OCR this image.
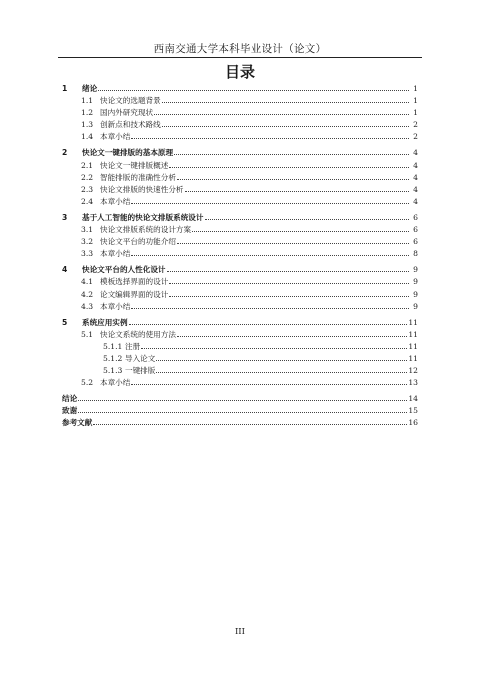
西南交通大学本科毕业设计（论文）
目录
1	绪论	1
1.1 快论文的选题背景	1
1.2 国内外研究现状	1
1.3 创新点和技术路线	2
1.4 本章小结	2
2	快论文一键排版的基本原理	4
2.1 快论文一键排版概述	4
2.2 智能排版的准确性分析	4
2.3 快论文排版的快速性分析	4
2.4 本章小结	4
3	基于人工智能的快论文排版系统设计	6
3.1 快论文排版系统的设计方案	6
3.2 快论文平台的功能介绍	6
3.3 本章小结	8
4	快论文平台的人性化设计	9
4.1 模板选择界面的设计	9
4.2 论文编辑界面的设计	9
4.3 本章小结	9
5	系统应用实例	11
5.1 快论文系统的使用方法	11
5.1.1 注册	11
5.1.2 导入论文	11
5.1.3 一键排版	12
5.2 本章小结	13
结论	14
致谢	15
参考文献	16
III
